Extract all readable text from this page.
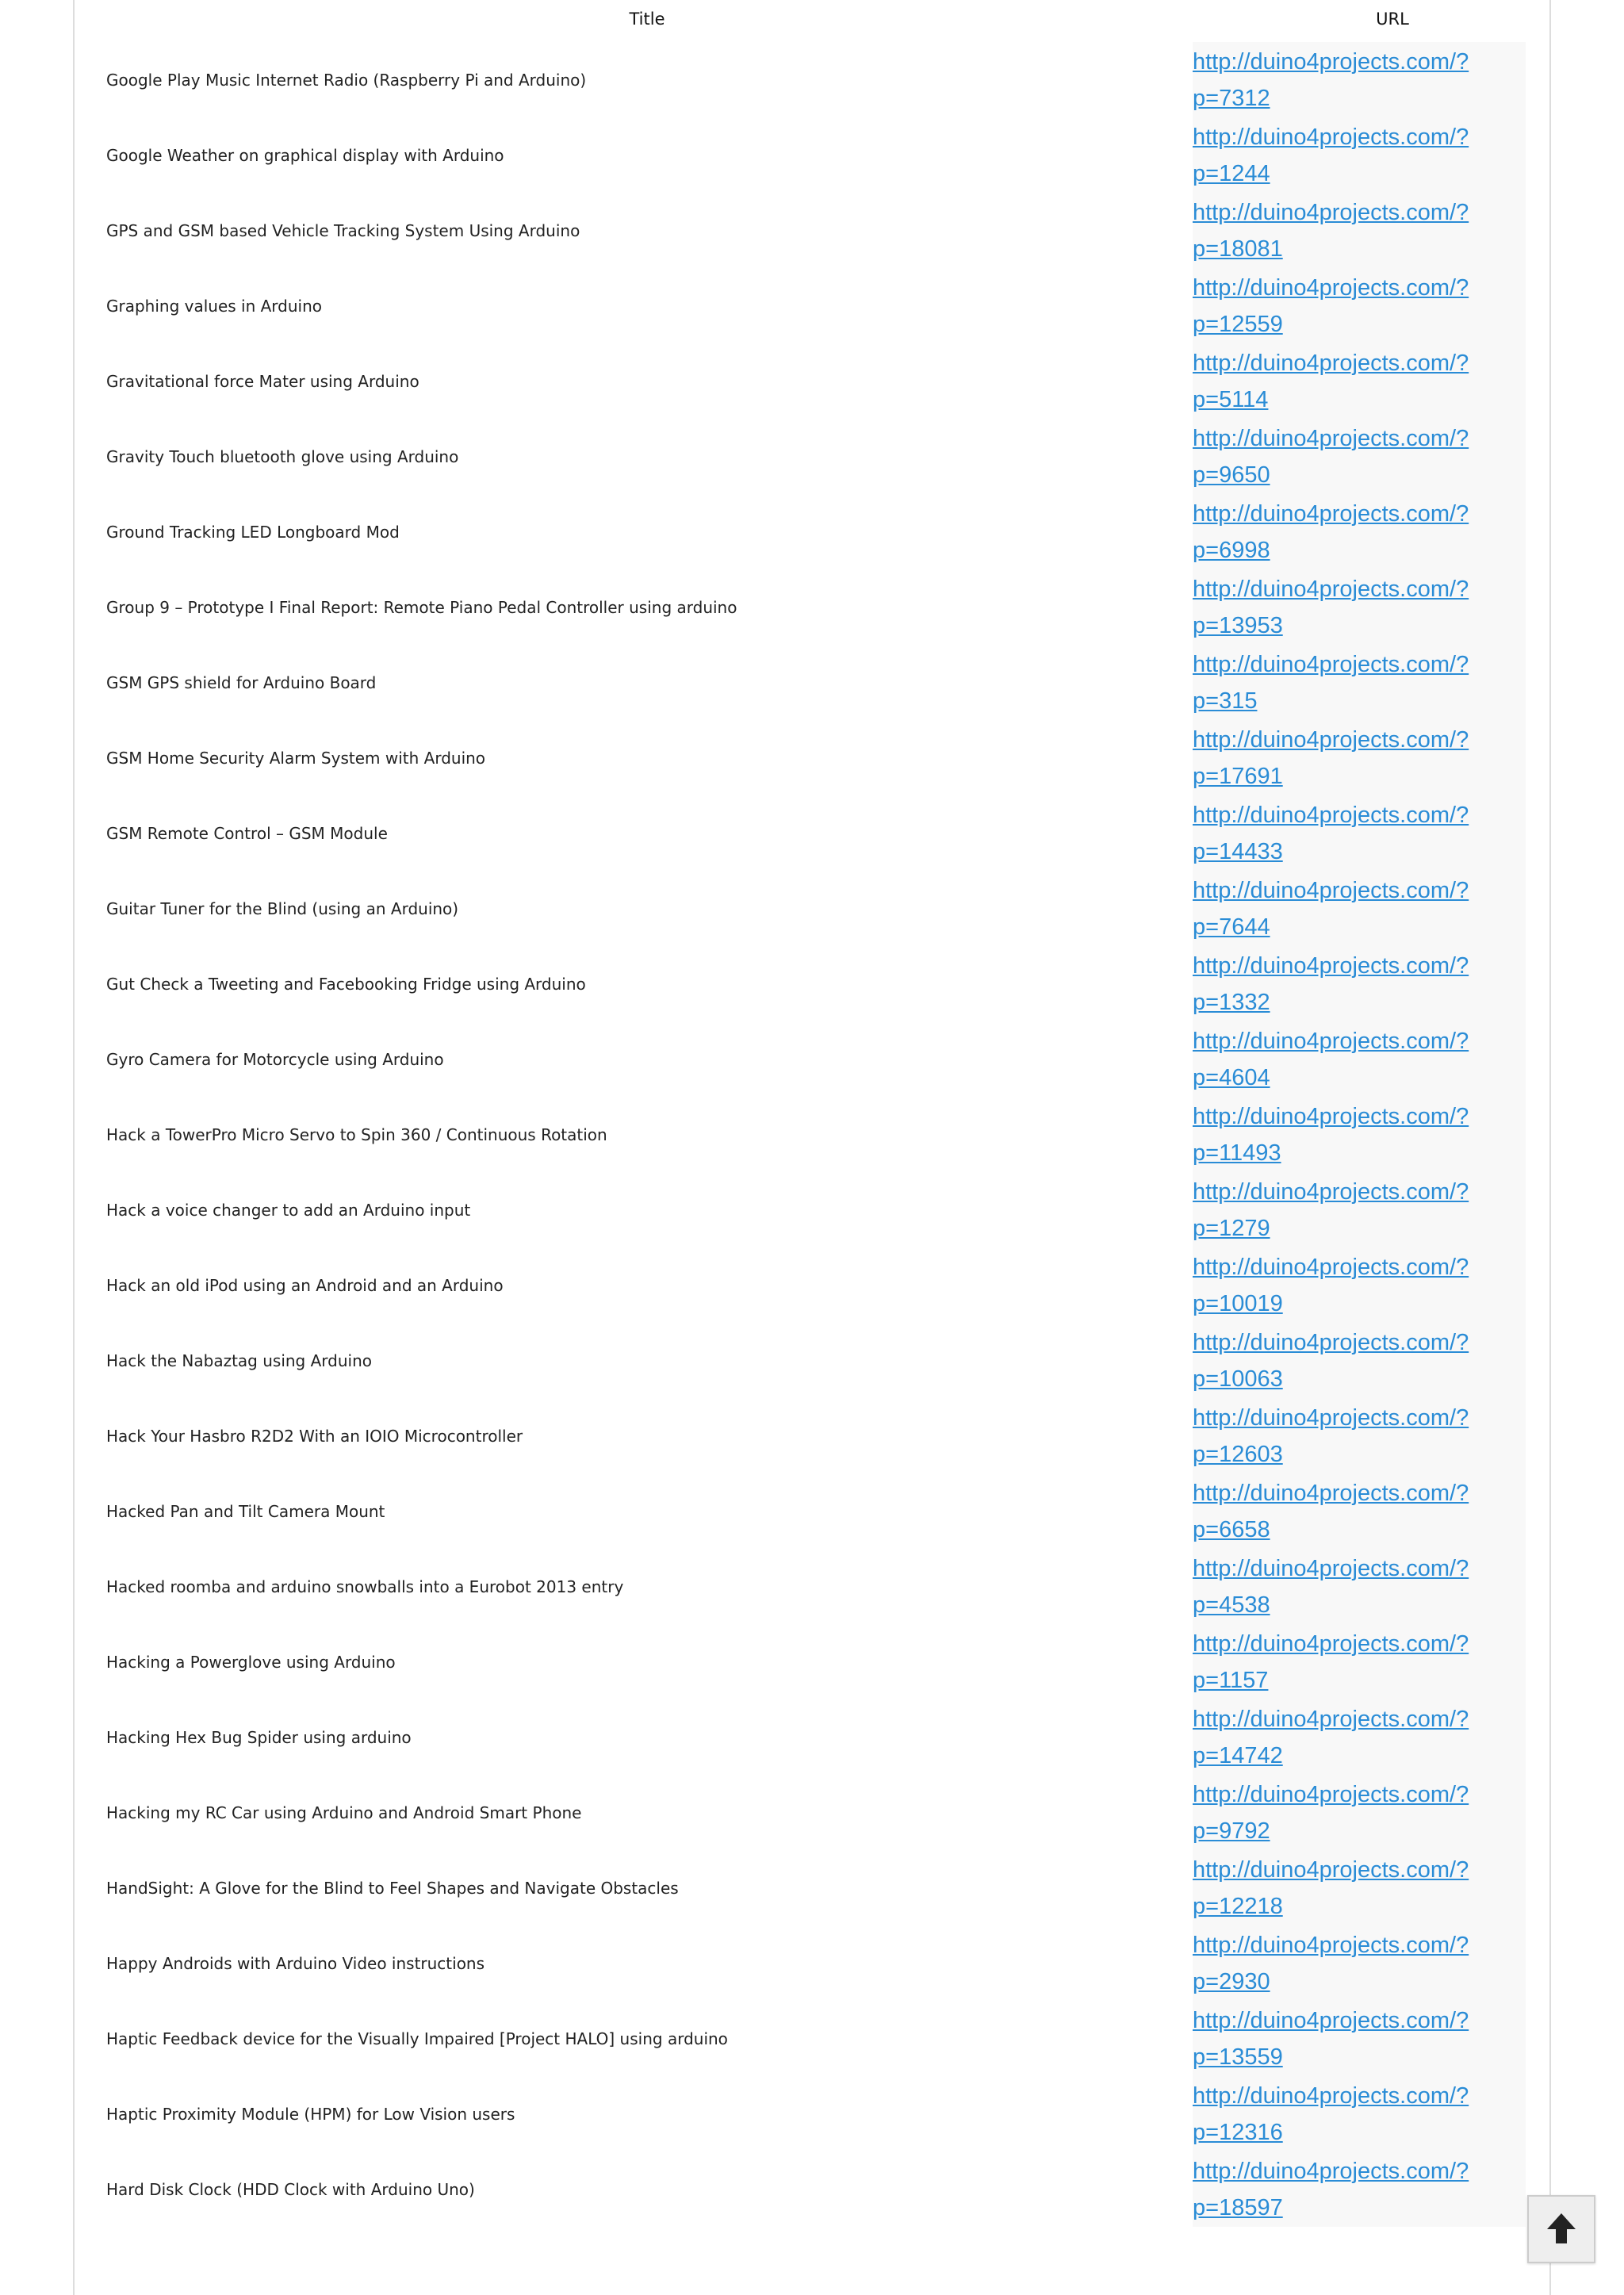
Title	URL
Google Play Music Internet Radio (Raspberry Pi and Arduino)
http://duino4projects.com/?
p=7312
Google Weather on graphical display with Arduino
http://duino4projects.com/?
p=1244
GPS and GSM based Vehicle Tracking System Using Arduino
http://duino4projects.com/?
p=18081
Graphing values in Arduino
http://duino4projects.com/?
p=12559
Gravitational force Mater using Arduino
http://duino4projects.com/?
p=5114
Gravity Touch bluetooth glove using Arduino
http://duino4projects.com/?
p=9650
Ground Tracking LED Longboard Mod
http://duino4projects.com/?
p=6998
Group 9 – Prototype I Final Report: Remote Piano Pedal Controller using arduino
http://duino4projects.com/?
p=13953
GSM GPS shield for Arduino Board
http://duino4projects.com/?
p=315
GSM Home Security Alarm System with Arduino
http://duino4projects.com/?
p=17691
GSM Remote Control – GSM Module
http://duino4projects.com/?
p=14433
Guitar Tuner for the Blind (using an Arduino)
http://duino4projects.com/?
p=7644
Gut Check a Tweeting and Facebooking Fridge using Arduino
http://duino4projects.com/?
p=1332
Gyro Camera for Motorcycle using Arduino
http://duino4projects.com/?
p=4604
Hack a TowerPro Micro Servo to Spin 360 / Continuous Rotation
http://duino4projects.com/?
p=11493
Hack a voice changer to add an Arduino input
http://duino4projects.com/?
p=1279
Hack an old iPod using an Android and an Arduino
http://duino4projects.com/?
p=10019
Hack the Nabaztag using Arduino
http://duino4projects.com/?
p=10063
Hack Your Hasbro R2D2 With an IOIO Microcontroller
http://duino4projects.com/?
p=12603
Hacked Pan and Tilt Camera Mount
http://duino4projects.com/?
p=6658
Hacked roomba and arduino snowballs into a Eurobot 2013 entry
http://duino4projects.com/?
p=4538
Hacking a Powerglove using Arduino
http://duino4projects.com/?
p=1157
Hacking Hex Bug Spider using arduino
http://duino4projects.com/?
p=14742
Hacking my RC Car using Arduino and Android Smart Phone
http://duino4projects.com/?
p=9792
HandSight: A Glove for the Blind to Feel Shapes and Navigate Obstacles
http://duino4projects.com/?
p=12218
Happy Androids with Arduino Video instructions
http://duino4projects.com/?
p=2930
Haptic Feedback device for the Visually Impaired [Project HALO] using arduino
http://duino4projects.com/?
p=13559
Haptic Proximity Module (HPM) for Low Vision users
http://duino4projects.com/?
p=12316
Hard Disk Clock (HDD Clock with Arduino Uno)
http://duino4projects.com/?
p=18597
